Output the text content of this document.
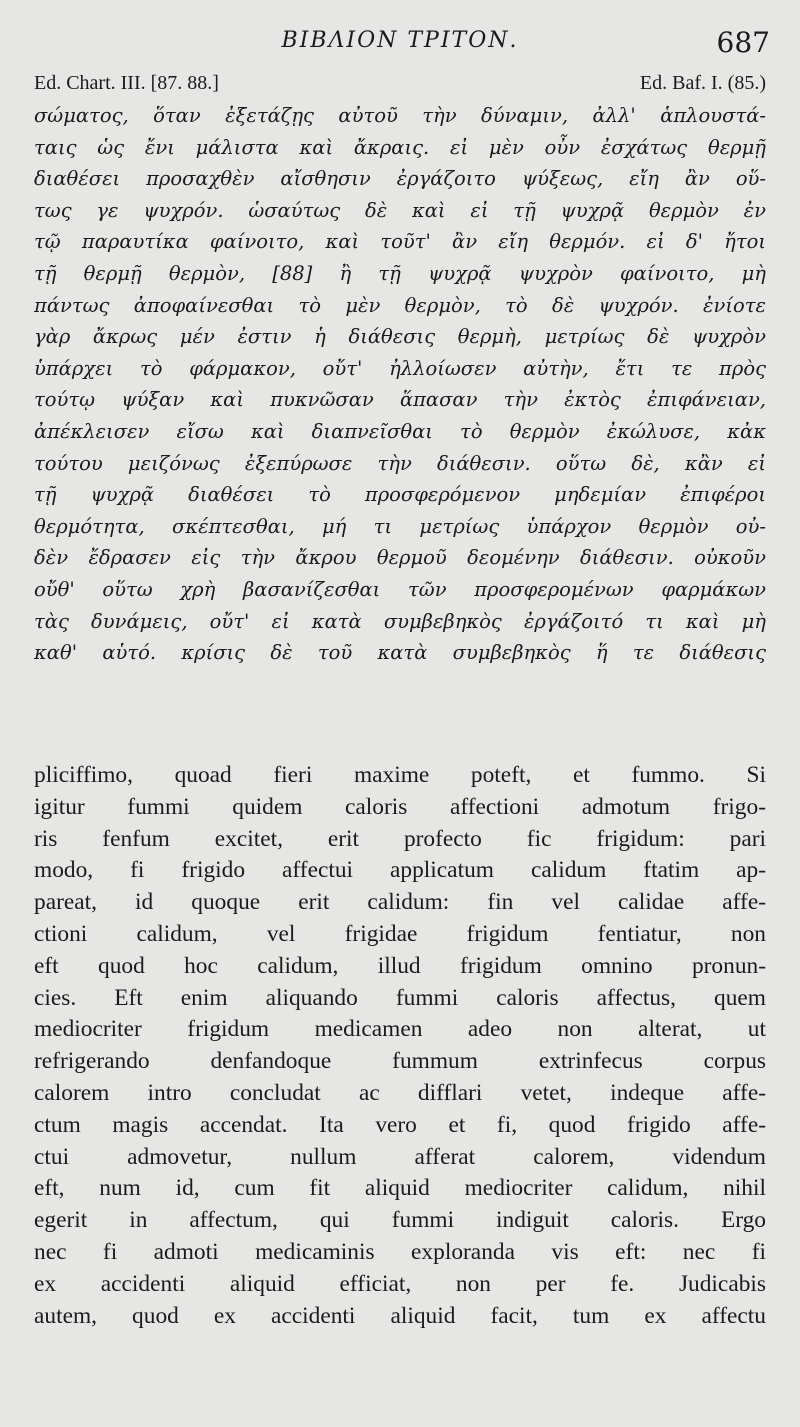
BIBΛΙΟΝ ΤΡΙΤΟΝ.	687
Ed. Chart. III. [87. 88.]	Ed. Baf. I. (85.)
σώματος, ὅταν ἐξετάζῃς αὐτοῦ τὴν δύναμιν, ἀλλ' ἁπλουστά-
ταις ὡς ἔνι μάλιστα καὶ ἄκραις. εἰ μὲν οὖν ἐσχάτως θερμῇ
διαθέσει προσαχθὲν αἴσθησιν ἐργάζοιτο ψύξεως, εἴη ἂν οὕ-
τως γε ψυχρόν. ὡσαύτως δὲ καὶ εἰ τῇ ψυχρᾷ θερμὸν ἐν
τῷ παραυτίκα φαίνοιτο, καὶ τοῦτ' ἂν εἴη θερμόν. εἰ δ' ἤτοι
τῇ θερμῇ θερμὸν, [88] ἢ τῇ ψυχρᾷ ψυχρὸν φαίνοιτο, μὴ
πάντως ἀποφαίνεσθαι τὸ μὲν θερμὸν, τὸ δὲ ψυχρόν. ἐνίοτε
γὰρ ἄκρως μέν ἐστιν ἡ διάθεσις θερμὴ, μετρίως δὲ ψυχρὸν
ὑπάρχει τὸ φάρμακον, οὔτ' ἠλλοίωσεν αὐτὴν, ἔτι τε πρὸς
τούτῳ ψύξαν καὶ πυκνῶσαν ἅπασαν τὴν ἐκτὸς ἐπιφάνειαν,
ἀπέκλεισεν εἴσω καὶ διαπνεῖσθαι τὸ θερμὸν ἐκώλυσε, κἀκ
τούτου μειζόνως ἐξεπύρωσε τὴν διάθεσιν. οὕτω δὲ, κἂν εἰ
τῇ ψυχρᾷ διαθέσει τὸ προσφερόμενον μηδεμίαν ἐπιφέροι
θερμότητα, σκέπτεσθαι, μή τι μετρίως ὑπάρχον θερμὸν οὐ-
δὲν ἔδρασεν εἰς τὴν ἄκρου θερμοῦ δεομένην διάθεσιν. οὐκοῦν
οὔθ' οὕτω χρὴ βασανίζεσθαι τῶν προσφερομένων φαρμάκων
τὰς δυνάμεις, οὔτ' εἰ κατὰ συμβεβηκὸς ἐργάζοιτό τι καὶ μὴ
καθ' αὑτό. κρίσις δὲ τοῦ κατὰ συμβεβηκὸς ἥ τε διάθεσις
pliciffimo, quoad fieri maxime poteft, et fummo. Si
igitur fummi quidem caloris affectioni admotum frigo-
ris fenfum excitet, erit profecto fic frigidum: pari
modo, fi frigido affectui applicatum calidum ftatim ap-
pareat, id quoque erit calidum: fin vel calidae affe-
ctioni calidum, vel frigidae frigidum fentiatur, non
eft quod hoc calidum, illud frigidum omnino pronun-
cies. Eft enim aliquando fummi caloris affectus, quem
mediocriter frigidum medicamen adeo non alterat, ut
refrigerando denfandoque fummum extrinfecus corpus
calorem intro concludat ac difflari vetet, indeque affe-
ctum magis accendat. Ita vero et fi, quod frigido affe-
ctui admovetur, nullum afferat calorem, videndum
eft, num id, cum fit aliquid mediocriter calidum, nihil
egerit in affectum, qui fummi indiguit caloris. Ergo
nec fi admoti medicaminis exploranda vis eft: nec fi
ex accidenti aliquid efficiat, non per fe. Judicabis
autem, quod ex accidenti aliquid facit, tum ex affectu
